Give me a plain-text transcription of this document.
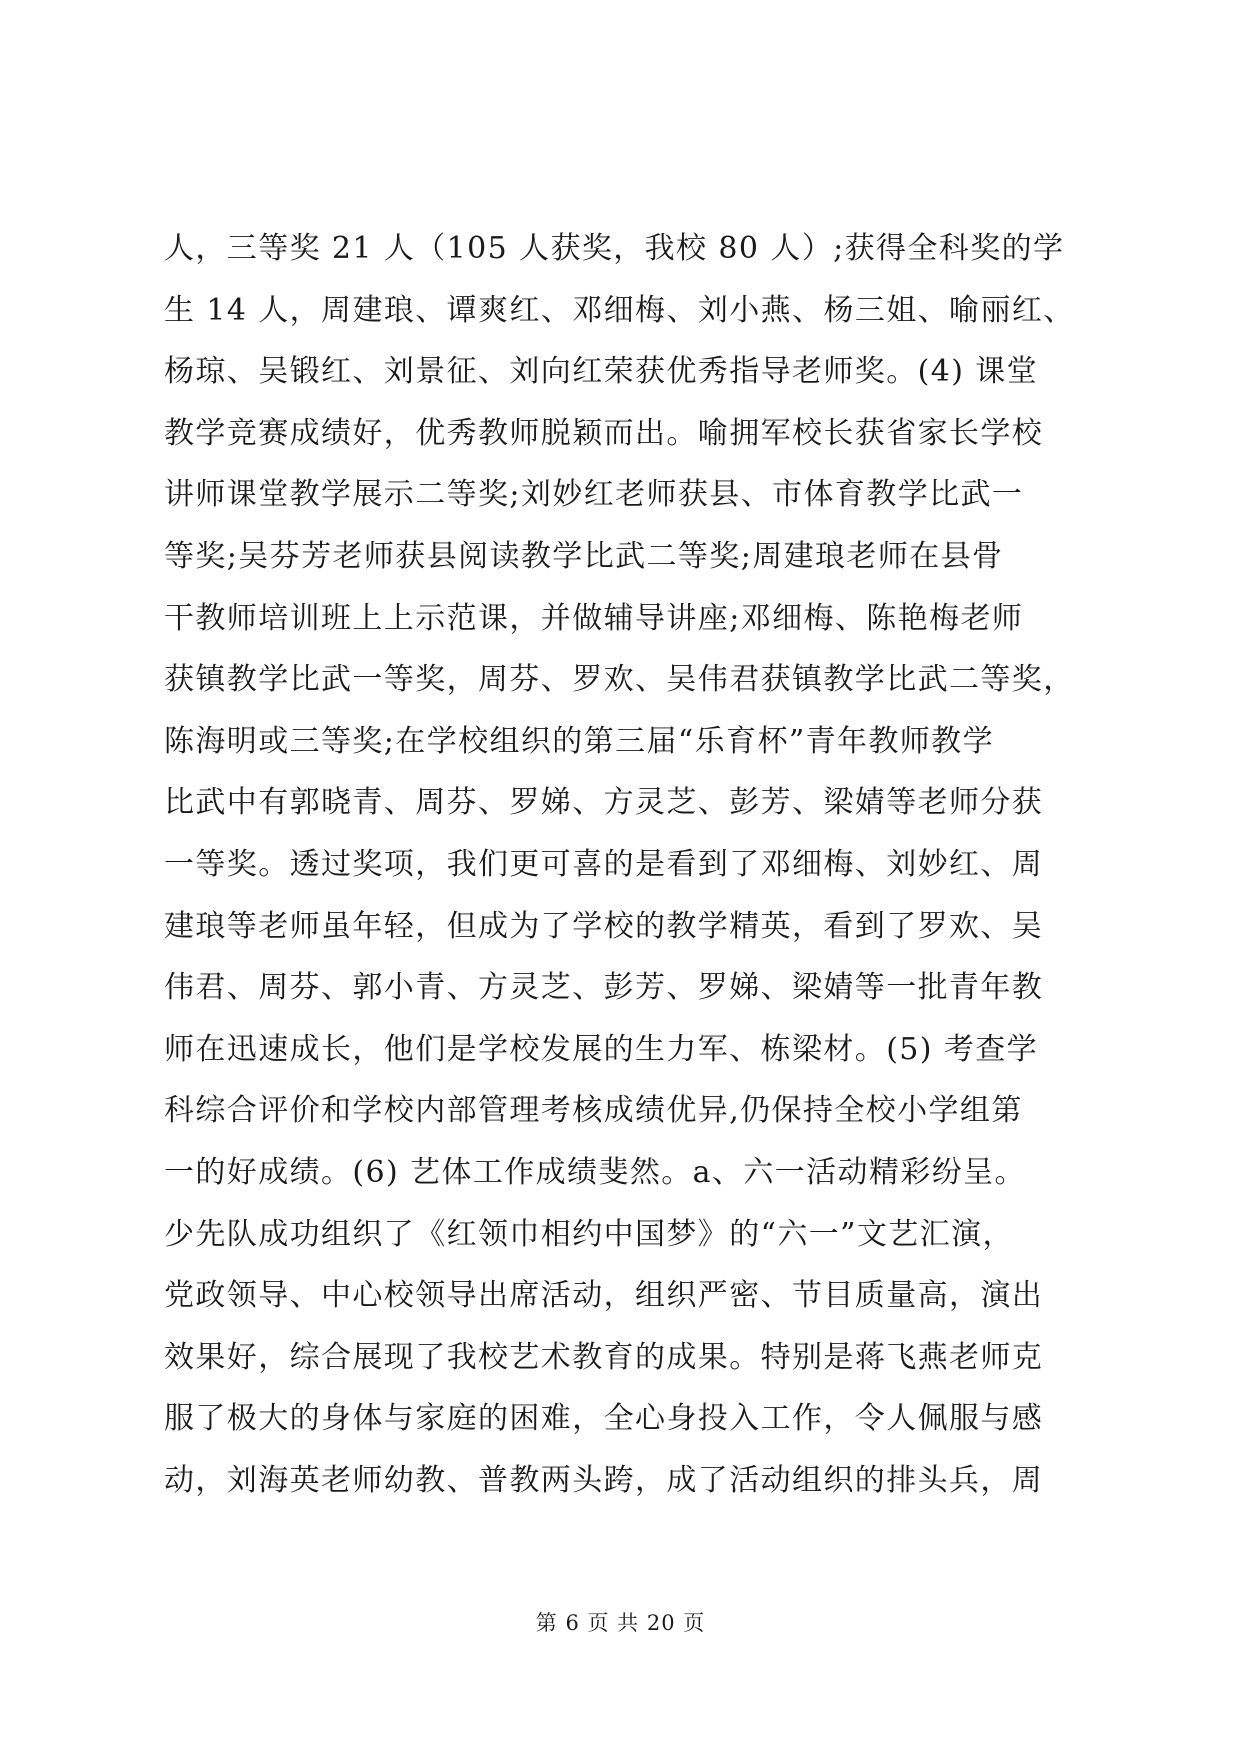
人，三等奖 21 人（105 人获奖，我校 80 人）;获得全科奖的学
生 14 人，周建琅、谭爽红、邓细梅、刘小燕、杨三姐、喻丽红、
杨琼、吴锻红、刘景征、刘向红荣获优秀指导老师奖。(4) 课堂
教学竞赛成绩好，优秀教师脱颖而出。喻拥军校长获省家长学校
讲师课堂教学展示二等奖;刘妙红老师获县、市体育教学比武一
等奖;吴芬芳老师获县阅读教学比武二等奖;周建琅老师在县骨
干教师培训班上上示范课，并做辅导讲座;邓细梅、陈艳梅老师
获镇教学比武一等奖，周芬、罗欢、吴伟君获镇教学比武二等奖，
陈海明或三等奖;在学校组织的第三届“乐育杯”青年教师教学
比武中有郭晓青、周芬、罗娣、方灵芝、彭芳、梁婧等老师分获
一等奖。透过奖项，我们更可喜的是看到了邓细梅、刘妙红、周
建琅等老师虽年轻，但成为了学校的教学精英，看到了罗欢、吴
伟君、周芬、郭小青、方灵芝、彭芳、罗娣、梁婧等一批青年教
师在迅速成长，他们是学校发展的生力军、栋梁材。(5) 考查学
科综合评价和学校内部管理考核成绩优异,仍保持全校小学组第
一的好成绩。(6) 艺体工作成绩斐然。a、六一活动精彩纷呈。
少先队成功组织了《红领巾相约中国梦》的“六一”文艺汇演，
党政领导、中心校领导出席活动，组织严密、节目质量高，演出
效果好，综合展现了我校艺术教育的成果。特别是蒋飞燕老师克
服了极大的身体与家庭的困难，全心身投入工作，令人佩服与感
动，刘海英老师幼教、普教两头跨，成了活动组织的排头兵，周
第 6 页 共 20 页
